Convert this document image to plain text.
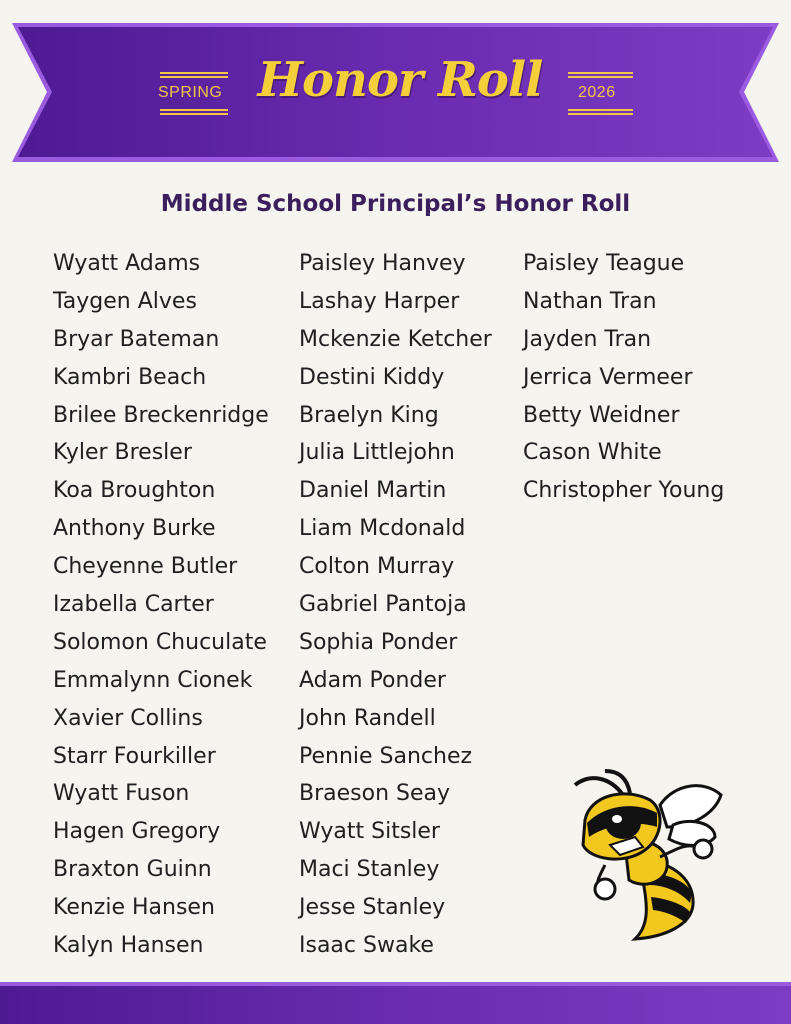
SPRING Honor Roll 2026
Middle School Principal’s Honor Roll
Wyatt Adams
Taygen Alves
Bryar Bateman
Kambri Beach
Brilee Breckenridge
Kyler Bresler
Koa Broughton
Anthony Burke
Cheyenne Butler
Izabella Carter
Solomon Chuculate
Emmalynn Cionek
Xavier Collins
Starr Fourkiller
Wyatt Fuson
Hagen Gregory
Braxton Guinn
Kenzie Hansen
Kalyn Hansen
Paisley Hanvey
Lashay Harper
Mckenzie Ketcher
Destini Kiddy
Braelyn King
Julia Littlejohn
Daniel Martin
Liam Mcdonald
Colton Murray
Gabriel Pantoja
Sophia Ponder
Adam Ponder
John Randell
Pennie Sanchez
Braeson Seay
Wyatt Sitsler
Maci Stanley
Jesse Stanley
Isaac Swake
Paisley Teague
Nathan Tran
Jayden Tran
Jerrica Vermeer
Betty Weidner
Cason White
Christopher Young
